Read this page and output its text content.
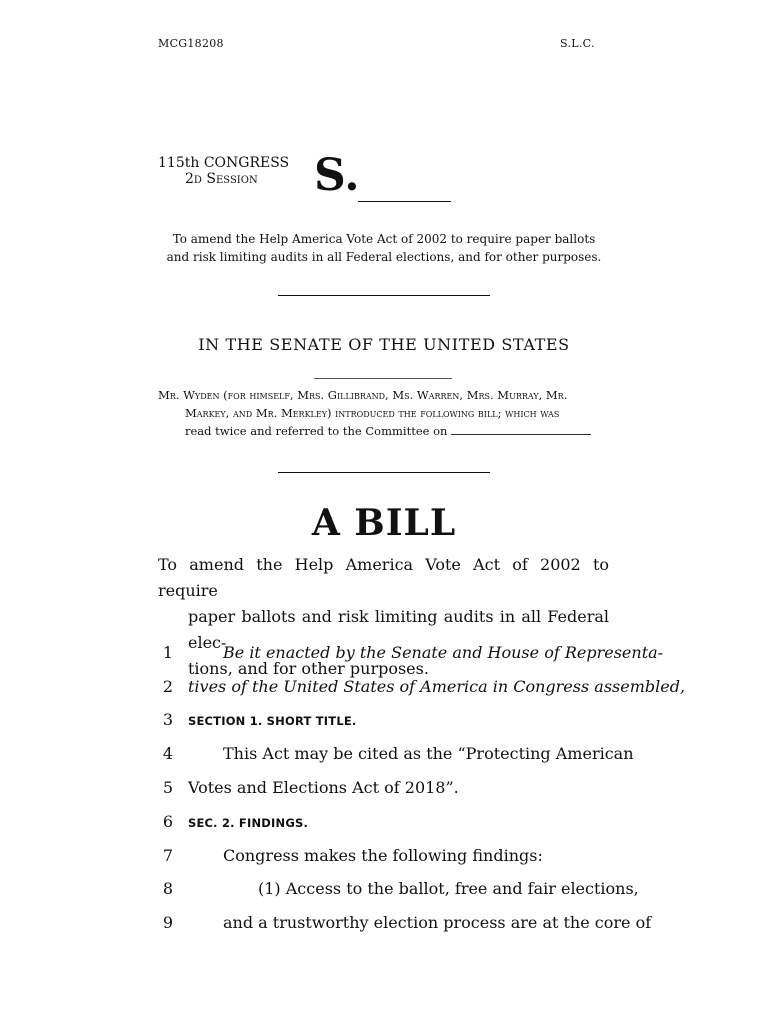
MCG18208	S.L.C.
115th CONGRESS
2d Session	S.
To amend the Help America Vote Act of 2002 to require paper ballots
and risk limiting audits in all Federal elections, and for other purposes.
IN THE SENATE OF THE UNITED STATES
Mr. Wyden (for himself, Mrs. Gillibrand, Ms. Warren, Mrs. Murray, Mr.
Markey, and Mr. Merkley) introduced the following bill; which was
read twice and referred to the Committee on
A BILL
To amend the Help America Vote Act of 2002 to require
paper ballots and risk limiting audits in all Federal elec-
tions, and for other purposes.
1	Be it enacted by the Senate and House of Representa-
2 tives of the United States of America in Congress assembled,
3	SECTION 1. SHORT TITLE.
4	This Act may be cited as the “Protecting American
5 Votes and Elections Act of 2018”.
6	SEC. 2. FINDINGS.
7	Congress makes the following findings:
8	(1) Access to the ballot, free and fair elections,
9	and a trustworthy election process are at the core of
